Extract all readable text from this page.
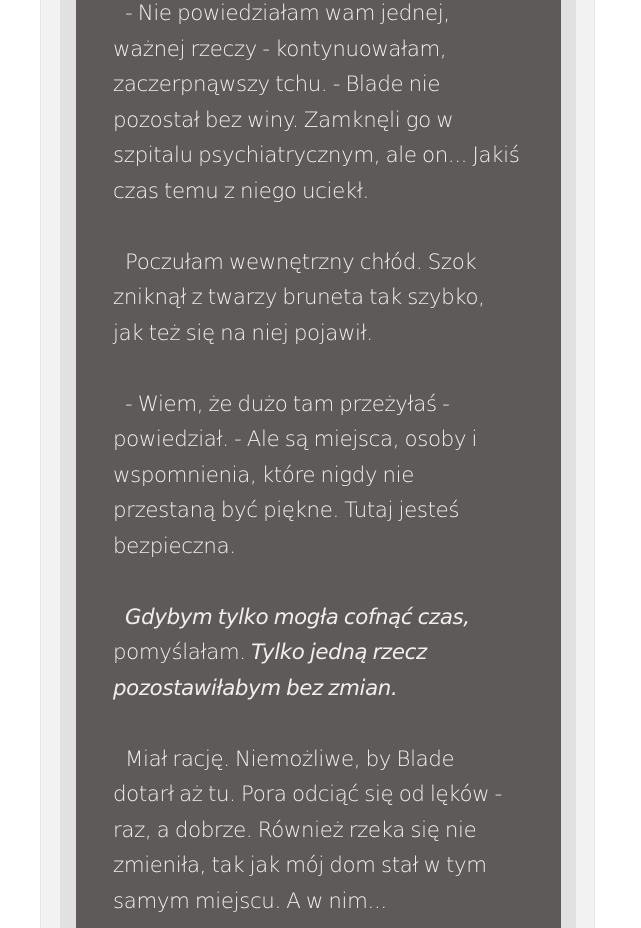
- Nie powiedziałam wam jednej,
ważnej rzeczy - kontynuowałam,
zaczerpnąwszy tchu. - Blade nie
pozostał bez winy. Zamknęli go w
szpitalu psychiatrycznym, ale on... Jakiś
czas temu z niego uciekł.

Poczułam wewnętrzny chłód. Szok
zniknął z twarzy bruneta tak szybko,
jak też się na niej pojawił.

- Wiem, że dużo tam przeżyłaś -
powiedział. - Ale są miejsca, osoby i
wspomnienia, które nigdy nie
przestaną być piękne. Tutaj jesteś
bezpieczna.

Gdybym tylko mogła cofnąć czas,
pomyślałam. Tylko jedną rzecz
pozostawiłabym bez zmian.

Miał rację. Niemożliwe, by Blade
dotarł aż tu. Pora odciąć się od lęków -
raz, a dobrze. Również rzeka się nie
zmieniła, tak jak mój dom stał w tym
samym miejscu. A w nim...
